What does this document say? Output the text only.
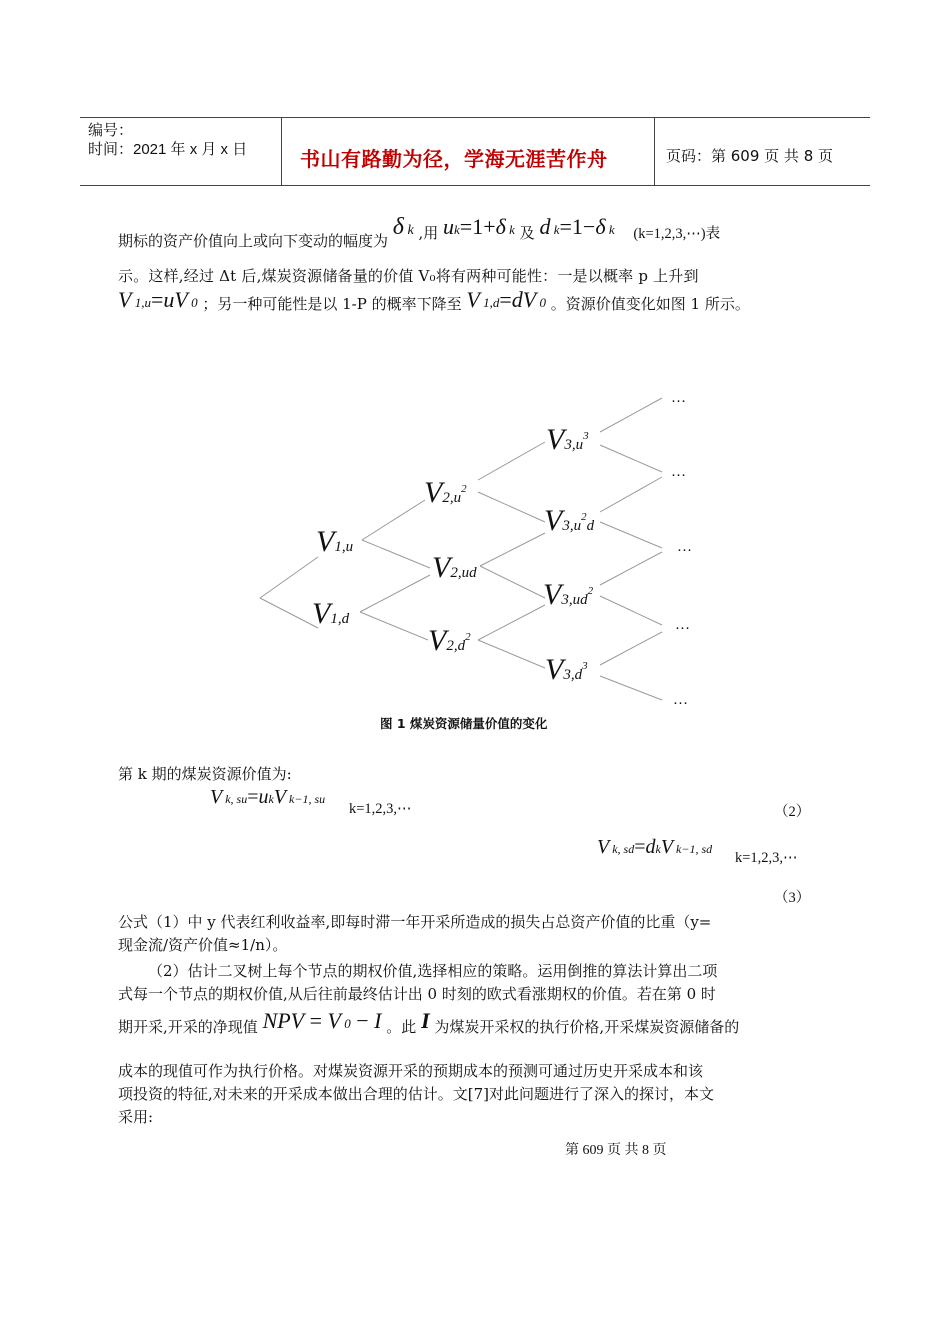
编号：
时间：2021 年 x 月 x 日	书山有路勤为径，学海无涯苦作舟	页码：第 609 页 共 8 页
期标的资产价值向上或向下变动的幅度为 δ k ,用 uk=1+δ k 及 d k=1−δ k (k=1,2,3,⋯)表
示。这样,经过 Δt 后,煤炭资源储备量的价值 V₀将有两种可能性：一是以概率 p 上升到
V 1,u=uV 0 ；另一种可能性是以 1-P 的概率下降至 V 1,d=dV 0 。资源价值变化如图 1 所示。
V1,u
V1,d
$V2,u^2$
V2,ud
$V2,d^2$
$V3,u^3$
$V3,u^2d$
$V3,ud^2$
$V3,d^3$
…
…
…
…
…
图 1 煤炭资源储量价值的变化
第 k 期的煤炭资源价值为:
V k, su=ukV k−1, su
k=1,2,3,⋯	（2）
V k, sd=dkV k−1, sd
k=1,2,3,⋯
（3）
公式（1）中 y 代表红利收益率,即每时滞一年开采所造成的损失占总资产价值的比重（y=
现金流/资产价值≈1/n）。
（2）估计二叉树上每个节点的期权价值,选择相应的策略。运用倒推的算法计算出二项
式每一个节点的期权价值,从后往前最终估计出 0 时刻的欧式看涨期权的价值。若在第 0 时
期开采,开采的净现值 NPV = V 0 − I 。此 I 为煤炭开采权的执行价格,开采煤炭资源储备的
成本的现值可作为执行价格。对煤炭资源开采的预期成本的预测可通过历史开采成本和该
项投资的特征,对未来的开采成本做出合理的估计。文[7]对此问题进行了深入的探讨，本文
采用:
第 609 页 共 8 页
